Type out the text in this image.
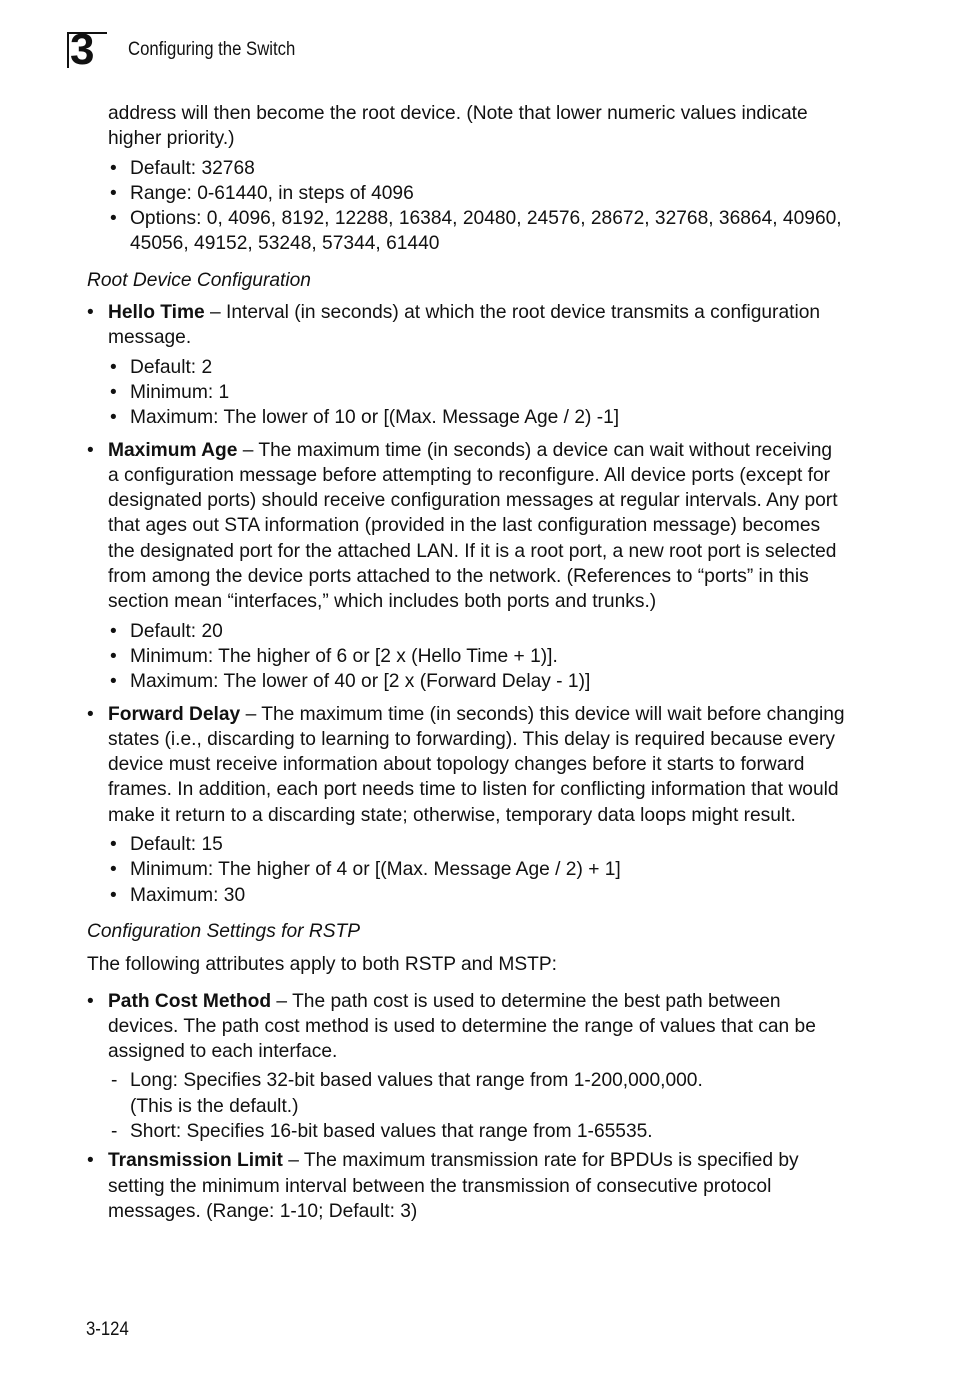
3 Configuring the Switch

address will then become the root device. (Note that lower numeric values indicate higher priority.)

• Default: 32768
• Range: 0-61440, in steps of 4096
• Options: 0, 4096, 8192, 12288, 16384, 20480, 24576, 28672, 32768, 36864, 40960, 45056, 49152, 53248, 57344, 61440

Root Device Configuration

• Hello Time – Interval (in seconds) at which the root device transmits a configuration message.

• Default: 2
• Minimum: 1
• Maximum: The lower of 10 or [(Max. Message Age / 2) -1]

• Maximum Age – The maximum time (in seconds) a device can wait without receiving a configuration message before attempting to reconfigure. All device ports (except for designated ports) should receive configuration messages at regular intervals. Any port that ages out STA information (provided in the last configuration message) becomes the designated port for the attached LAN. If it is a root port, a new root port is selected from among the device ports attached to the network. (References to “ports” in this section mean “interfaces,” which includes both ports and trunks.)

• Default: 20
• Minimum: The higher of 6 or [2 x (Hello Time + 1)].
• Maximum: The lower of 40 or [2 x (Forward Delay - 1)]

• Forward Delay – The maximum time (in seconds) this device will wait before changing states (i.e., discarding to learning to forwarding). This delay is required because every device must receive information about topology changes before it starts to forward frames. In addition, each port needs time to listen for conflicting information that would make it return to a discarding state; otherwise, temporary data loops might result.

• Default: 15
• Minimum: The higher of 4 or [(Max. Message Age / 2) + 1]
• Maximum: 30

Configuration Settings for RSTP

The following attributes apply to both RSTP and MSTP:

• Path Cost Method – The path cost is used to determine the best path between devices. The path cost method is used to determine the range of values that can be assigned to each interface.

- Long: Specifies 32-bit based values that range from 1-200,000,000. (This is the default.)
- Short: Specifies 16-bit based values that range from 1-65535.

• Transmission Limit – The maximum transmission rate for BPDUs is specified by setting the minimum interval between the transmission of consecutive protocol messages. (Range: 1-10; Default: 3)

3-124
